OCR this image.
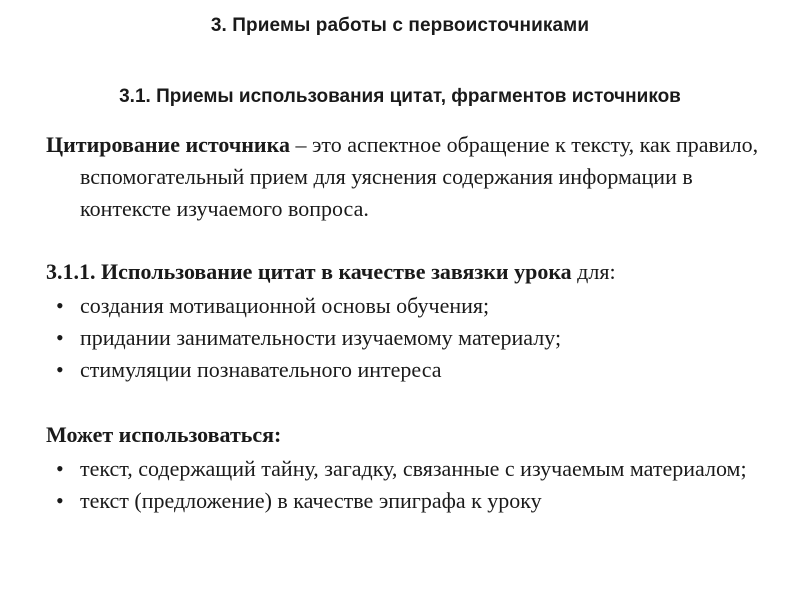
3. Приемы работы с первоисточниками
3.1. Приемы использования цитат, фрагментов источников

Цитирование источника – это аспектное обращение к тексту, как правило, вспомогательный прием для уяснения содержания информации в контексте изучаемого вопроса.

3.1.1. Использование цитат в качестве завязки урока для:
• создания мотивационной основы обучения;
• придании занимательности изучаемому материалу;
• стимуляции познавательного интереса
Может использоваться:
• текст, содержащий тайну, загадку, связанные с изучаемым материалом;
• текст (предложение) в качестве эпиграфа к уроку
